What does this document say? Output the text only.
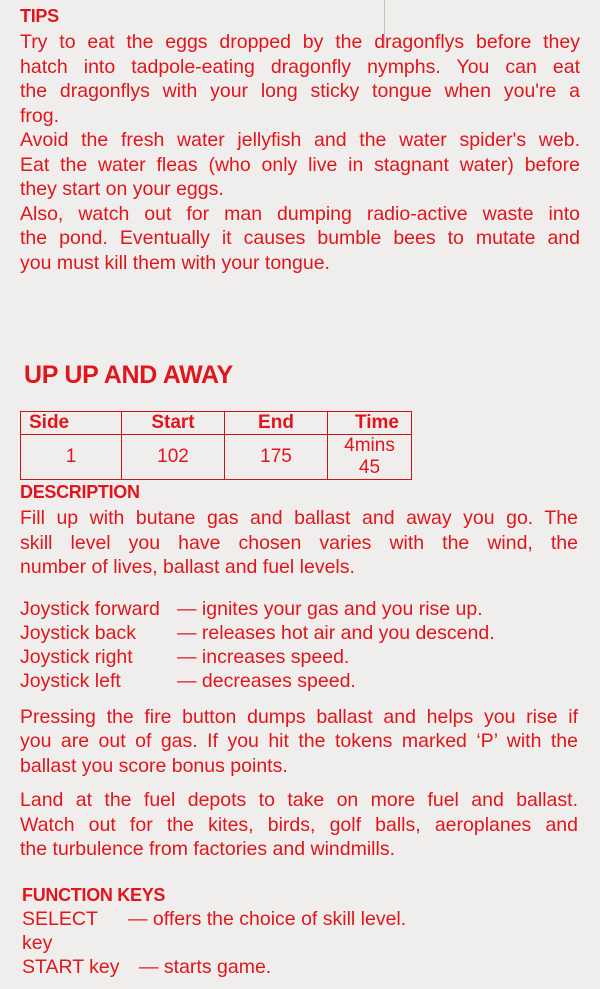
TIPS

Try to eat the eggs dropped by the dragonflys before they
hatch into tadpole-eating dragonfly nymphs. You can eat
the dragonflys with your long sticky tongue when you're a
frog.
Avoid the fresh water jellyfish and the water spider's web.
Eat the water fleas (who only live in stagnant water) before
they start on your eggs.
Also, watch out for man dumping radio-active waste into
the pond. Eventually it causes bumble bees to mutate and
you must kill them with your tongue.

UP UP AND AWAY

Side	Start	End	Time
1	102	175	4mins 45

DESCRIPTION

Fill up with butane gas and ballast and away you go. The
skill level you have chosen varies with the wind, the
number of lives, ballast and fuel levels.
Joystick forward — ignites your gas and you rise up.
Joystick back	— releases hot air and you descend.
Joystick right	— increases speed.
Joystick left	— decreases speed.
Pressing the fire button dumps ballast and helps you rise if
you are out of gas. If you hit the tokens marked ‘P’ with the
ballast you score bonus points.
Land at the fuel depots to take on more fuel and ballast.
Watch out for the kites, birds, golf balls, aeroplanes and
the turbulence from factories and windmills.

FUNCTION KEYS

SELECT key
— offers the choice of skill level.
START key — starts game.
